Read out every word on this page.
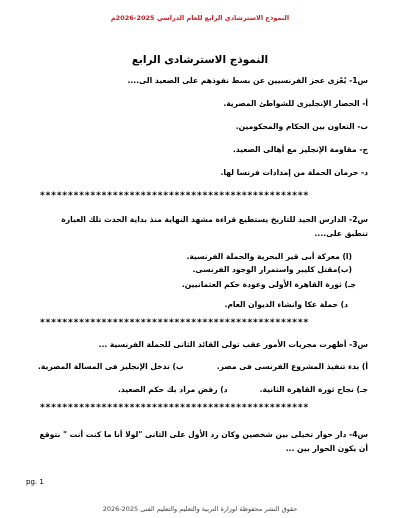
النموذج الاسترشادي الرابع للعام الدراسي 2025-2026م
النموذج الاسترشادى الرابع
س1- يُعْزى عجز الفرنسيين عن بسط نفوذهم على الصعيد الى....
أ- الحصار الإنجليزى للشواطئ المصرية.
ب- التعاون بين الحكام والمحكومين.
ج- مقاومة الإنجليز مع أهالى الصعيد.
د- حرمان الحملة من إمدادات فرنسا لها.
************************************************
س2- الدارس الجيد للتاريخ يستطيع قراءة مشهد النهاية منذ بداية الحدث تلك العبارة
تنطبق على....
(ا) معركة أبى قير البحرية والحملة الفرنسية.
(ب)مقتل كليبر واستمرار الوجود الفرنسى.
جـ) ثورة القاهرة الأولى وعودة حكم العثمانيين.
د) حملة عكا وانشاء الديوان العام.
************************************************
س3- أظهرت مجريات الأمور عقب تولى القائد الثانى للحملة الفرنسية ...
أ) بدء تنفيذ المشروع الفرنسى فى مصر.
ب) تدخل الإنجليز فى المسالة المصرية.
جـ) نجاح ثورة القاهرة الثانية.
د) رفض مراد بك حكم الصعيد.
************************************************
س4- دار حوار تخيلى بين شخصين وكان رد الأول على الثانى "لولا أنا ما كنت أنت " نتوقع
أن يكون الحوار بين ...
pg. 1
حقوق النشر محفوظة لوزارة التربية والتعليم والتعليم الفنى 2025-2026
